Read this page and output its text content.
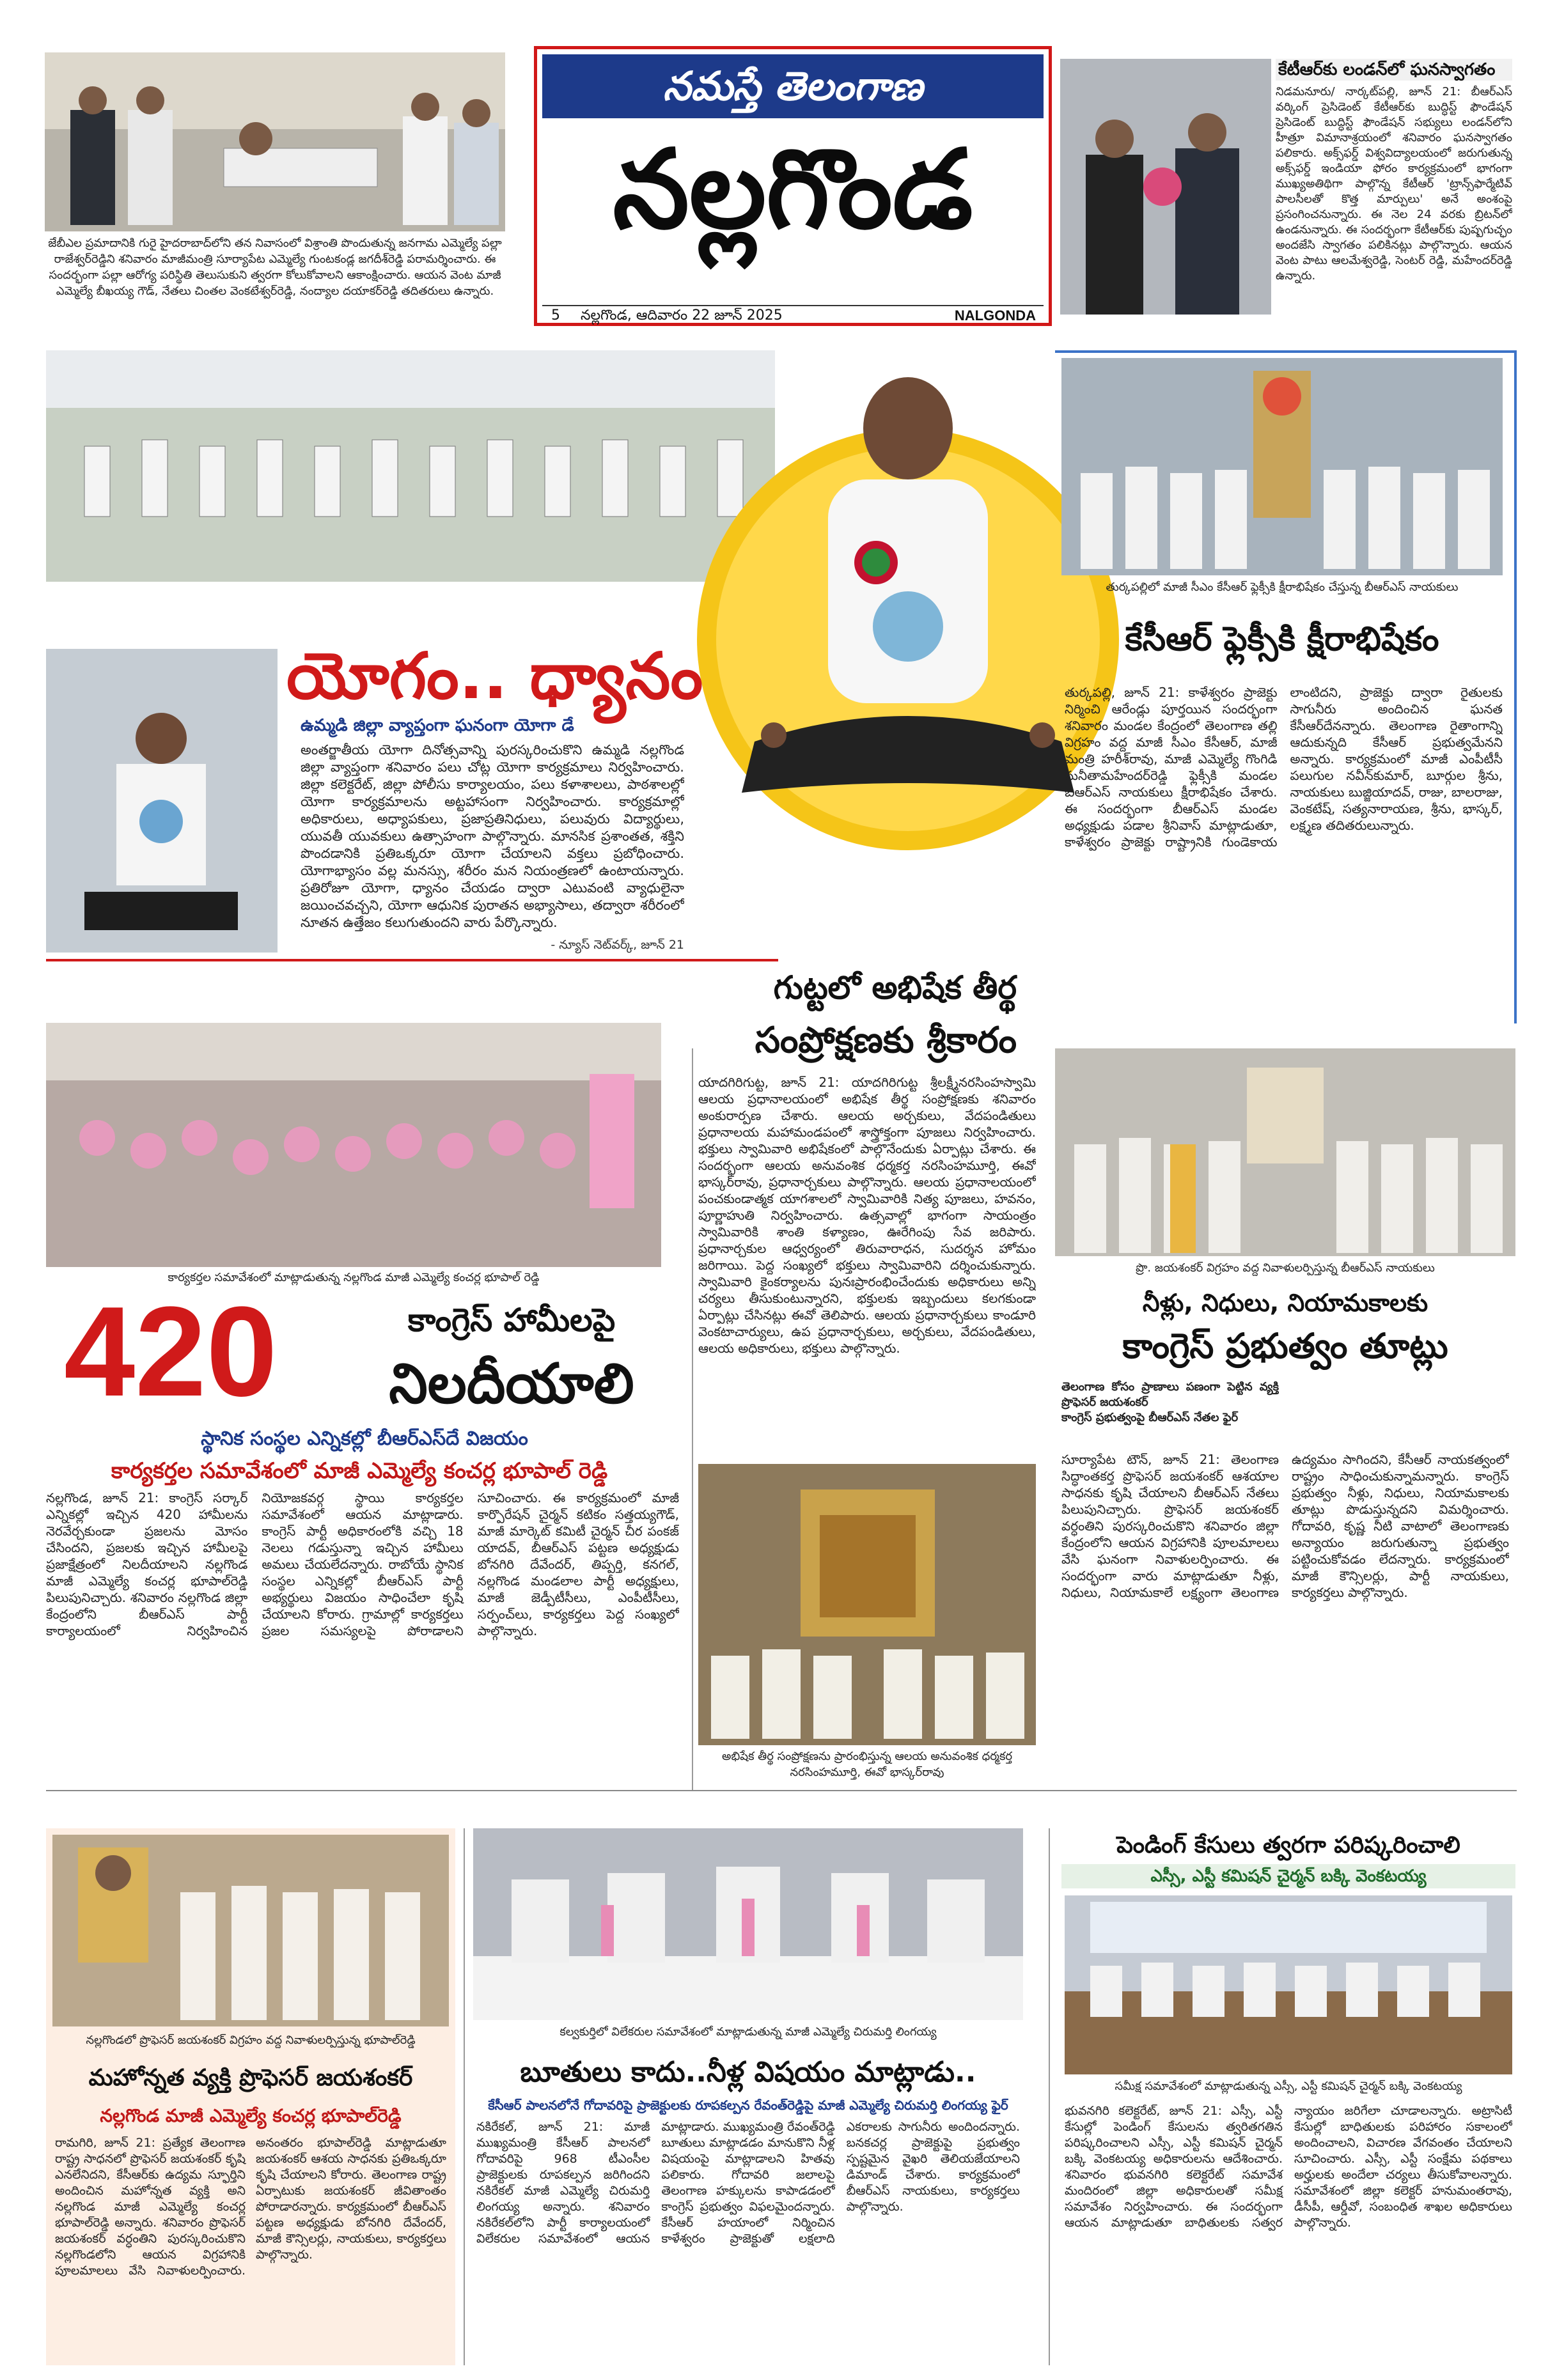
జేబీఎల ప్రమాదానికి గురై హైదరాబాద్‌లోని తన నివాసంలో విశ్రాంతి పొందుతున్న జనగామ ఎమ్మెల్యే పల్లా రాజేశ్వర్‌రెడ్డిని శనివారం మాజీమంత్రి సూర్యాపేట ఎమ్మెల్యే గుంటకండ్ల జగదీశ్‌రెడ్డి పరామర్శించారు. ఈ సందర్భంగా పల్లా ఆరోగ్య పరిస్థితి తెలుసుకుని త్వరగా కోలుకోవాలని ఆకాంక్షించారు. ఆయన వెంట మాజీ ఎమ్మెల్యే బీఖయ్య గౌడ్, నేతలు చింతల వెంకటేశ్వర్‌రెడ్డి, నంద్యాల దయాకర్‌రెడ్డి తదితరులు ఉన్నారు.
నమస్తే తెలంగాణ
నల్లగొండ
5 నల్లగొండ, ఆదివారం 22 జూన్ 2025	NALGONDA
కేటీఆర్‌కు లండన్‌లో ఘనస్వాగతం
నిడమనూరు/ నార్కట్‌పల్లి, జూన్ 21: బీఆర్‌ఎస్ వర్కింగ్ ప్రెసిడెంట్ కేటీఆర్‌కు బుద్ధిస్ట్ ఫౌండేషన్ ప్రెసిడెంట్ బుద్ధిస్ట్ ఫౌండేషన్ సభ్యులు లండన్‌లోని హీత్రూ విమానాశ్రయంలో శనివారం ఘనస్వాగతం పలికారు. అక్స్‌ఫర్డ్ విశ్వవిద్యాలయంలో జరుగుతున్న అక్స్‌ఫర్డ్ ఇండియా ఫోరం కార్యక్రమంలో భాగంగా ముఖ్యఅతిథిగా పాల్గొన్న కేటీఆర్ 'ట్రాన్స్‌ఫార్మేటివ్ పాలసీలతో కొత్త మార్పులు' అనే అంశంపై ప్రసంగించనున్నారు. ఈ నెల 24 వరకు బ్రిటన్‌లో ఉండనున్నారు. ఈ సందర్భంగా కేటీఆర్‌కు పుష్పగుచ్ఛం అందజేసి స్వాగతం పలికినట్లు పాల్గొన్నారు. ఆయన వెంట పాటు ఆలమేశ్వరెడ్డి, సెంటర్ రెడ్డి, మహేందర్‌రెడ్డి ఉన్నారు.
యోగం.. ధ్యానం
ఉమ్మడి జిల్లా వ్యాప్తంగా ఘనంగా యోగా డే
అంతర్జాతీయ యోగా దినోత్సవాన్ని పురస్కరించుకొని ఉమ్మడి నల్లగొండ జిల్లా వ్యాప్తంగా శనివారం పలు చోట్ల యోగా కార్యక్రమాలు నిర్వహించారు. జిల్లా కలెక్టరేట్, జిల్లా పోలీసు కార్యాలయం, పలు కళాశాలలు, పాఠశాలల్లో యోగా కార్యక్రమాలను అట్టహాసంగా నిర్వహించారు. కార్యక్రమాల్లో అధికారులు, అధ్యాపకులు, ప్రజాప్రతినిధులు, పలువురు విద్యార్థులు, యువతీ యువకులు ఉత్సాహంగా పాల్గొన్నారు. మానసిక ప్రశాంతత, శక్తిని పొందడానికి ప్రతిఒక్కరూ యోగా చేయాలని వక్తలు ప్రబోధించారు. యోగాభ్యాసం వల్ల మనస్సు, శరీరం మన నియంత్రణలో ఉంటాయన్నారు. ప్రతిరోజూ యోగా, ధ్యానం చేయడం ద్వారా ఎటువంటి వ్యాధులైనా జయించవచ్చని, యోగా ఆధునిక పురాతన అభ్యాసాలు, తద్వారా శరీరంలో నూతన ఉత్తేజం కలుగుతుందని వారు పేర్కొన్నారు.
- న్యూస్ నెట్‌వర్క్, జూన్ 21
తుర్కపల్లిలో మాజీ సీఎం కేసీఆర్ ఫ్లెక్సీకి క్షీరాభిషేకం చేస్తున్న బీఆర్‌ఎస్ నాయకులు
కేసీఆర్ ఫ్లెక్సీకి క్షీరాభిషేకం
తుర్కపల్లి, జూన్ 21: కాళేశ్వరం ప్రాజెక్టు నిర్మించి ఆరేండ్లు పూర్తయిన సందర్భంగా శనివారం మండల కేంద్రంలో తెలంగాణ తల్లి విగ్రహం వద్ద మాజీ సీఎం కేసీఆర్, మాజీ మంత్రి హరీశ్‌రావు, మాజీ ఎమ్మెల్యే గొంగిడి సునీతామహేందర్‌రెడ్డి ఫ్లెక్సీకి మండల బీఆర్‌ఎస్ నాయకులు క్షీరాభిషేకం చేశారు. ఈ సందర్భంగా బీఆర్‌ఎస్ మండల అధ్యక్షుడు పడాల శ్రీనివాస్ మాట్లాడుతూ, కాళేశ్వరం ప్రాజెక్టు రాష్ట్రానికి గుండెకాయ లాంటిదని, ప్రాజెక్టు ద్వారా రైతులకు సాగునీరు అందించిన ఘనత కేసీఆర్‌దేనన్నారు. తెలంగాణ రైతాంగాన్ని ఆదుకున్నది కేసీఆర్ ప్రభుత్వమేనని అన్నారు. కార్యక్రమంలో మాజీ ఎంపీటీసీ పలుగుల నవీన్‌కుమార్, బూర్గుల శ్రీను, నాయకులు బుజ్జియాదవ్, రాజు, బాలరాజు, వెంకటేష్, సత్యనారాయణ, శ్రీను, భాస్కర్, లక్ష్మణ తదితరులున్నారు.
కార్యకర్తల సమావేశంలో మాట్లాడుతున్న నల్లగొండ మాజీ ఎమ్మెల్యే కంచర్ల భూపాల్ రెడ్డి
గుట్టలో అభిషేక తీర్థ
సంప్రోక్షణకు శ్రీకారం
యాదగిరిగుట్ట, జూన్ 21: యాదగిరిగుట్ట శ్రీలక్ష్మీనరసింహస్వామి ఆలయ ప్రధానాలయంలో అభిషేక తీర్థ సంప్రోక్షణకు శనివారం అంకురార్పణ చేశారు. ఆలయ అర్చకులు, వేదపండితులు ప్రధానాలయ మహామండపంలో శాస్త్రోక్తంగా పూజలు నిర్వహించారు. భక్తులు స్వామివారి అభిషేకంలో పాల్గొనేందుకు ఏర్పాట్లు చేశారు. ఈ సందర్భంగా ఆలయ అనువంశిక ధర్మకర్త నరసింహమూర్తి, ఈవో భాస్కర్‌రావు, ప్రధానార్చకులు పాల్గొన్నారు. ఆలయ ప్రధానాలయంలో పంచకుండాత్మక యాగశాలలో స్వామివారికి నిత్య పూజలు, హవనం, పూర్ణాహుతి నిర్వహించారు. ఉత్సవాల్లో భాగంగా సాయంత్రం స్వామివారికి శాంతి కళ్యాణం, ఊరేగింపు సేవ జరిపారు. ప్రధానార్చకుల ఆధ్వర్యంలో తిరువారాధన, సుదర్శన హోమం జరిగాయి. పెద్ద సంఖ్యలో భక్తులు స్వామివారిని దర్శించుకున్నారు. స్వామివారి కైంకర్యాలను పునఃప్రారంభించేందుకు అధికారులు అన్ని చర్యలు తీసుకుంటున్నారని, భక్తులకు ఇబ్బందులు కలగకుండా ఏర్పాట్లు చేసినట్లు ఈవో తెలిపారు. ఆలయ ప్రధానార్చకులు కాండూరి వెంకటాచార్యులు, ఉప ప్రధానార్చకులు, అర్చకులు, వేదపండితులు, ఆలయ అధికారులు, భక్తులు పాల్గొన్నారు.
అభిషేక తీర్థ సంప్రోక్షణను ప్రారంభిస్తున్న ఆలయ అనువంశిక ధర్మకర్త నరసింహమూర్తి, ఈవో భాస్కర్‌రావు
420	కాంగ్రెస్ హామీలపై
నిలదీయాలి
స్థానిక సంస్థల ఎన్నికల్లో బీఆర్‌ఎస్‌దే విజయం
కార్యకర్తల సమావేశంలో మాజీ ఎమ్మెల్యే కంచర్ల భూపాల్ రెడ్డి
నల్లగొండ, జూన్ 21: కాంగ్రెస్ సర్కార్ ఎన్నికల్లో ఇచ్చిన 420 హామీలను నెరవేర్చకుండా ప్రజలను మోసం చేసిందని, ప్రజలకు ఇచ్చిన హామీలపై ప్రజాక్షేత్రంలో నిలదీయాలని నల్లగొండ మాజీ ఎమ్మెల్యే కంచర్ల భూపాల్‌రెడ్డి పిలుపునిచ్చారు. శనివారం నల్లగొండ జిల్లా కేంద్రంలోని బీఆర్‌ఎస్ పార్టీ కార్యాలయంలో నిర్వహించిన నియోజకవర్గ స్థాయి కార్యకర్తల సమావేశంలో ఆయన మాట్లాడారు. కాంగ్రెస్ పార్టీ అధికారంలోకి వచ్చి 18 నెలలు గడుస్తున్నా ఇచ్చిన హామీలు అమలు చేయలేదన్నారు. రాబోయే స్థానిక సంస్థల ఎన్నికల్లో బీఆర్‌ఎస్ పార్టీ అభ్యర్థులు విజయం సాధించేలా కృషి చేయాలని కోరారు. గ్రామాల్లో కార్యకర్తలు ప్రజల సమస్యలపై పోరాడాలని సూచించారు. ఈ కార్యక్రమంలో మాజీ కార్పొరేషన్ చైర్మన్ కటికం సత్తయ్యగౌడ్, మాజీ మార్కెట్ కమిటీ చైర్మన్ చీర పంకజ్ యాదవ్, బీఆర్‌ఎస్ పట్టణ అధ్యక్షుడు బోనగిరి దేవేందర్, తిప్పర్తి, కనగల్, నల్లగొండ మండలాల పార్టీ అధ్యక్షులు, మాజీ జెడ్పీటీసీలు, ఎంపీటీసీలు, సర్పంచ్‌లు, కార్యకర్తలు పెద్ద సంఖ్యలో పాల్గొన్నారు.
ప్రొ. జయశంకర్ విగ్రహం వద్ద నివాళులర్పిస్తున్న బీఆర్‌ఎస్ నాయకులు
నీళ్లు, నిధులు, నియామకాలకు
కాంగ్రెస్ ప్రభుత్వం తూట్లు
తెలంగాణ కోసం ప్రాణాలు పణంగా పెట్టిన వ్యక్తి ప్రొఫెసర్ జయశంకర్
కాంగ్రెస్ ప్రభుత్వంపై బీఆర్‌ఎస్ నేతల ఫైర్
సూర్యాపేట టౌన్, జూన్ 21: తెలంగాణ సిద్ధాంతకర్త ప్రొఫెసర్ జయశంకర్ ఆశయాల సాధనకు కృషి చేయాలని బీఆర్‌ఎస్ నేతలు పిలుపునిచ్చారు. ప్రొఫెసర్ జయశంకర్ వర్ధంతిని పురస్కరించుకొని శనివారం జిల్లా కేంద్రంలోని ఆయన విగ్రహానికి పూలమాలలు వేసి ఘనంగా నివాళులర్పించారు. ఈ సందర్భంగా వారు మాట్లాడుతూ నీళ్లు, నిధులు, నియామకాలే లక్ష్యంగా తెలంగాణ ఉద్యమం సాగిందని, కేసీఆర్ నాయకత్వంలో రాష్ట్రం సాధించుకున్నామన్నారు. కాంగ్రెస్ ప్రభుత్వం నీళ్లు, నిధులు, నియామకాలకు తూట్లు పొడుస్తున్నదని విమర్శించారు. గోదావరి, కృష్ణ నీటి వాటాలో తెలంగాణకు అన్యాయం జరుగుతున్నా ప్రభుత్వం పట్టించుకోవడం లేదన్నారు. కార్యక్రమంలో మాజీ కౌన్సిలర్లు, పార్టీ నాయకులు, కార్యకర్తలు పాల్గొన్నారు.
నల్లగొండలో ప్రొఫెసర్ జయశంకర్ విగ్రహం వద్ద నివాళులర్పిస్తున్న భూపాల్‌రెడ్డి
మహోన్నత వ్యక్తి ప్రొఫెసర్ జయశంకర్
నల్లగొండ మాజీ ఎమ్మెల్యే కంచర్ల భూపాల్‌రెడ్డి
రామగిరి, జూన్ 21: ప్రత్యేక తెలంగాణ రాష్ట్ర సాధనలో ప్రొఫెసర్ జయశంకర్ కృషి ఎనలేనిదని, కేసీఆర్‌కు ఉద్యమ స్ఫూర్తిని అందించిన మహోన్నత వ్యక్తి అని నల్లగొండ మాజీ ఎమ్మెల్యే కంచర్ల భూపాల్‌రెడ్డి అన్నారు. శనివారం ప్రొఫెసర్ జయశంకర్ వర్ధంతిని పురస్కరించుకొని నల్లగొండలోని ఆయన విగ్రహానికి పూలమాలలు వేసి నివాళులర్పించారు. అనంతరం భూపాల్‌రెడ్డి మాట్లాడుతూ జయశంకర్ ఆశయ సాధనకు ప్రతిఒక్కరూ కృషి చేయాలని కోరారు. తెలంగాణ రాష్ట్ర ఏర్పాటుకు జయశంకర్ జీవితాంతం పోరాడారన్నారు. కార్యక్రమంలో బీఆర్‌ఎస్ పట్టణ అధ్యక్షుడు బోనగిరి దేవేందర్, మాజీ కౌన్సిలర్లు, నాయకులు, కార్యకర్తలు పాల్గొన్నారు.
కల్వకుర్తిలో విలేకరుల సమావేశంలో మాట్లాడుతున్న మాజీ ఎమ్మెల్యే చిరుమర్తి లింగయ్య
బూతులు కాదు..నీళ్ల విషయం మాట్లాడు..
కేసీఆర్ పాలనలోనే గోదావరిపై ప్రాజెక్టులకు రూపకల్పన రేవంత్‌రెడ్డిపై మాజీ ఎమ్మెల్యే చిరుమర్తి లింగయ్య ఫైర్
నకిరేకల్, జూన్ 21: మాజీ ముఖ్యమంత్రి కేసీఆర్ పాలనలో గోదావరిపై 968 టీఎంసీల ప్రాజెక్టులకు రూపకల్పన జరిగిందని నకిరేకల్ మాజీ ఎమ్మెల్యే చిరుమర్తి లింగయ్య అన్నారు. శనివారం నకిరేకల్‌లోని పార్టీ కార్యాలయంలో విలేకరుల సమావేశంలో ఆయన మాట్లాడారు. ముఖ్యమంత్రి రేవంత్‌రెడ్డి బూతులు మాట్లాడడం మానుకొని నీళ్ల విషయంపై మాట్లాడాలని హితవు పలికారు. గోదావరి జలాలపై తెలంగాణ హక్కులను కాపాడడంలో కాంగ్రెస్ ప్రభుత్వం విఫలమైందన్నారు. కేసీఆర్ హయాంలో నిర్మించిన కాళేశ్వరం ప్రాజెక్టుతో లక్షలాది ఎకరాలకు సాగునీరు అందిందన్నారు. బనకచర్ల ప్రాజెక్టుపై ప్రభుత్వం స్పష్టమైన వైఖరి తెలియజేయాలని డిమాండ్ చేశారు. కార్యక్రమంలో బీఆర్‌ఎస్ నాయకులు, కార్యకర్తలు పాల్గొన్నారు.
పెండింగ్ కేసులు త్వరగా పరిష్కరించాలి
ఎస్సీ, ఎస్టీ కమిషన్ చైర్మన్ బక్కి వెంకటయ్య
సమీక్ష సమావేశంలో మాట్లాడుతున్న ఎస్సీ, ఎస్టీ కమిషన్ చైర్మన్ బక్కి వెంకటయ్య
భువనగిరి కలెక్టరేట్, జూన్ 21: ఎస్సీ, ఎస్టీ కేసుల్లో పెండింగ్ కేసులను త్వరితగతిన పరిష్కరించాలని ఎస్సీ, ఎస్టీ కమిషన్ చైర్మన్ బక్కి వెంకటయ్య అధికారులను ఆదేశించారు. శనివారం భువనగిరి కలెక్టరేట్ సమావేశ మందిరంలో జిల్లా అధికారులతో సమీక్ష సమావేశం నిర్వహించారు. ఈ సందర్భంగా ఆయన మాట్లాడుతూ బాధితులకు సత్వర న్యాయం జరిగేలా చూడాలన్నారు. అట్రాసిటీ కేసుల్లో బాధితులకు పరిహారం సకాలంలో అందించాలని, విచారణ వేగవంతం చేయాలని సూచించారు. ఎస్సీ, ఎస్టీ సంక్షేమ పథకాలు అర్హులకు అందేలా చర్యలు తీసుకోవాలన్నారు. సమావేశంలో జిల్లా కలెక్టర్ హనుమంతరావు, డీసీపీ, ఆర్డీవో, సంబంధిత శాఖల అధికారులు పాల్గొన్నారు.
